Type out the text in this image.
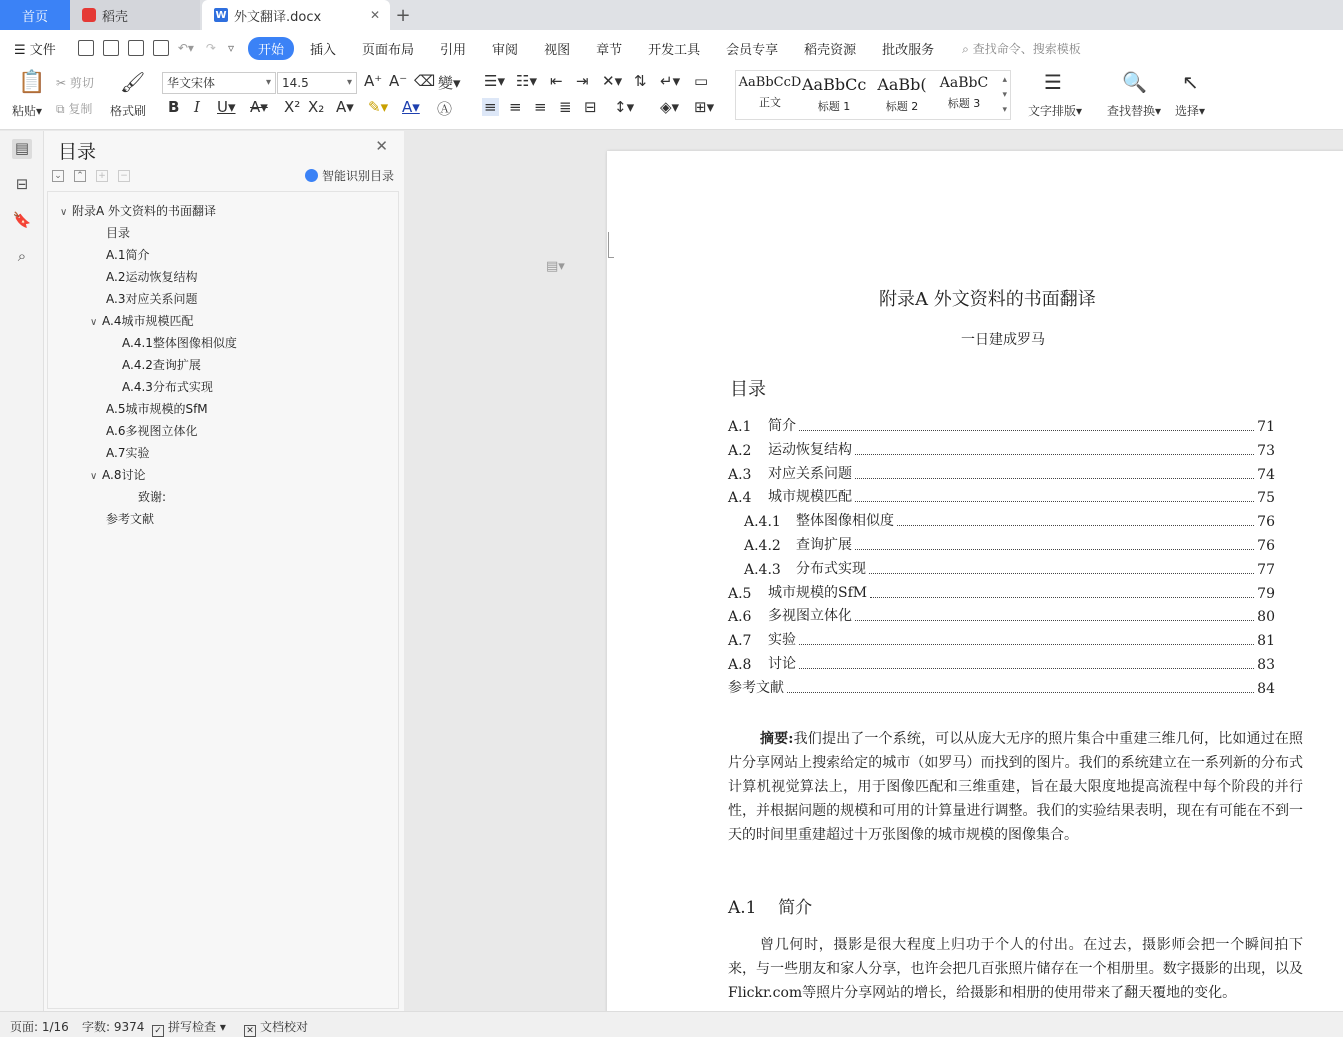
首页	稻壳	W 外文翻译.docx	✕ +
☰ 文件	↶▾ ↷ ▿	开始	插入 页面布局 引用 审阅 视图 章节 开发工具 会员专享 稻壳资源 批改服务 ⌕ 查找命令、搜索模板
📋
粘贴▾
✂ 剪切
⧉ 复制
🖌
格式刷
华文宋体 ▾	14.5 ▾	A⁺ A⁻ ⌫ 變▾
B I U▾ A▾ X² X₂ A▾ ✎▾ A▾ Ⓐ
☰▾ ☷▾ ⇤ ⇥ ✕▾ ⇅ ↵▾ ▭
≡ ≡ ≡ ≣ ⊟ ↕▾ ◈▾ ⊞▾
AaBbCcD
正文
AaBbCc
标题 1
AaBb(
标题 2
AaBbC
标题 3
▴
▾
▾
☰
文字排版▾
🔍
查找替换▾
↖
选择▾
▤
⊟
🔖
⌕
目录	✕
⌄ ⌃ + −	智能识别目录
∨ 附录A 外文资料的书面翻译
目录
A.1简介
A.2运动恢复结构
A.3对应关系问题
∨ A.4城市规模匹配
A.4.1整体图像相似度
A.4.2查询扩展
A.4.3分布式实现
A.5城市规模的SfM
A.6多视图立体化
A.7实验
∨ A.8讨论
致谢:
参考文献
▤▾
附录A 外文资料的书面翻译
一日建成罗马
目录
A.1	简介	71
A.2	运动恢复结构	73
A.3	对应关系问题	74
A.4	城市规模匹配	75
A.4.1	整体图像相似度	76
A.4.2	查询扩展	76
A.4.3	分布式实现	77
A.5	城市规模的SfM	79
A.6	多视图立体化	80
A.7	实验	81
A.8	讨论	83
参考文献	84
摘要:我们提出了一个系统，可以从庞大无序的照片集合中重建三维几何，比如通过在照片分享网站上搜索给定的城市（如罗马）而找到的图片。我们的系统建立在一系列新的分布式计算机视觉算法上，用于图像匹配和三维重建，旨在最大限度地提高流程中每个阶段的并行性，并根据问题的规模和可用的计算量进行调整。我们的实验结果表明，现在有可能在不到一天的时间里重建超过十万张图像的城市规模的图像集合。
A.1 简介
曾几何时，摄影是很大程度上归功于个人的付出。在过去，摄影师会把一个瞬间拍下来，与一些朋友和家人分享，也许会把几百张照片储存在一个相册里。数字摄影的出现，以及Flickr.com等照片分享网站的增长，给摄影和相册的使用带来了翻天覆地的变化。
页面: 1/16 字数: 9374 ✓ 拼写检查 ▾ ✕ 文档校对
